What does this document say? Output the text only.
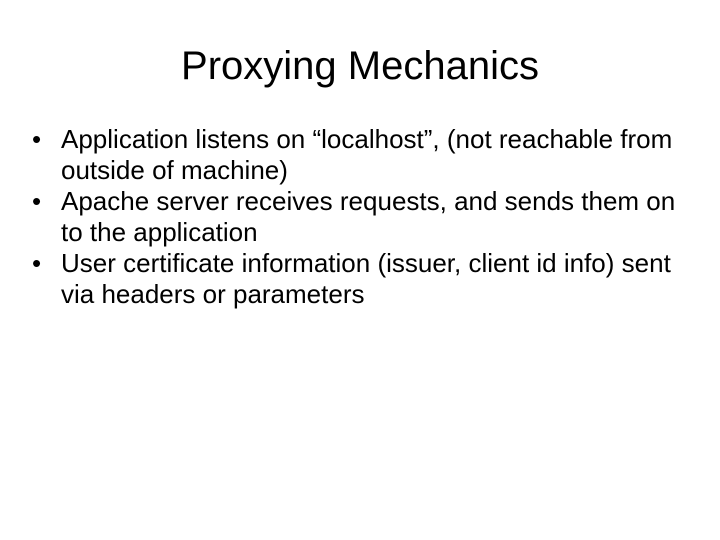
Proxying Mechanics
• Application listens on “localhost”, (not reachable from outside of machine)
• Apache server receives requests, and sends them on to the application
• User certificate information (issuer, client id info) sent via headers or parameters
